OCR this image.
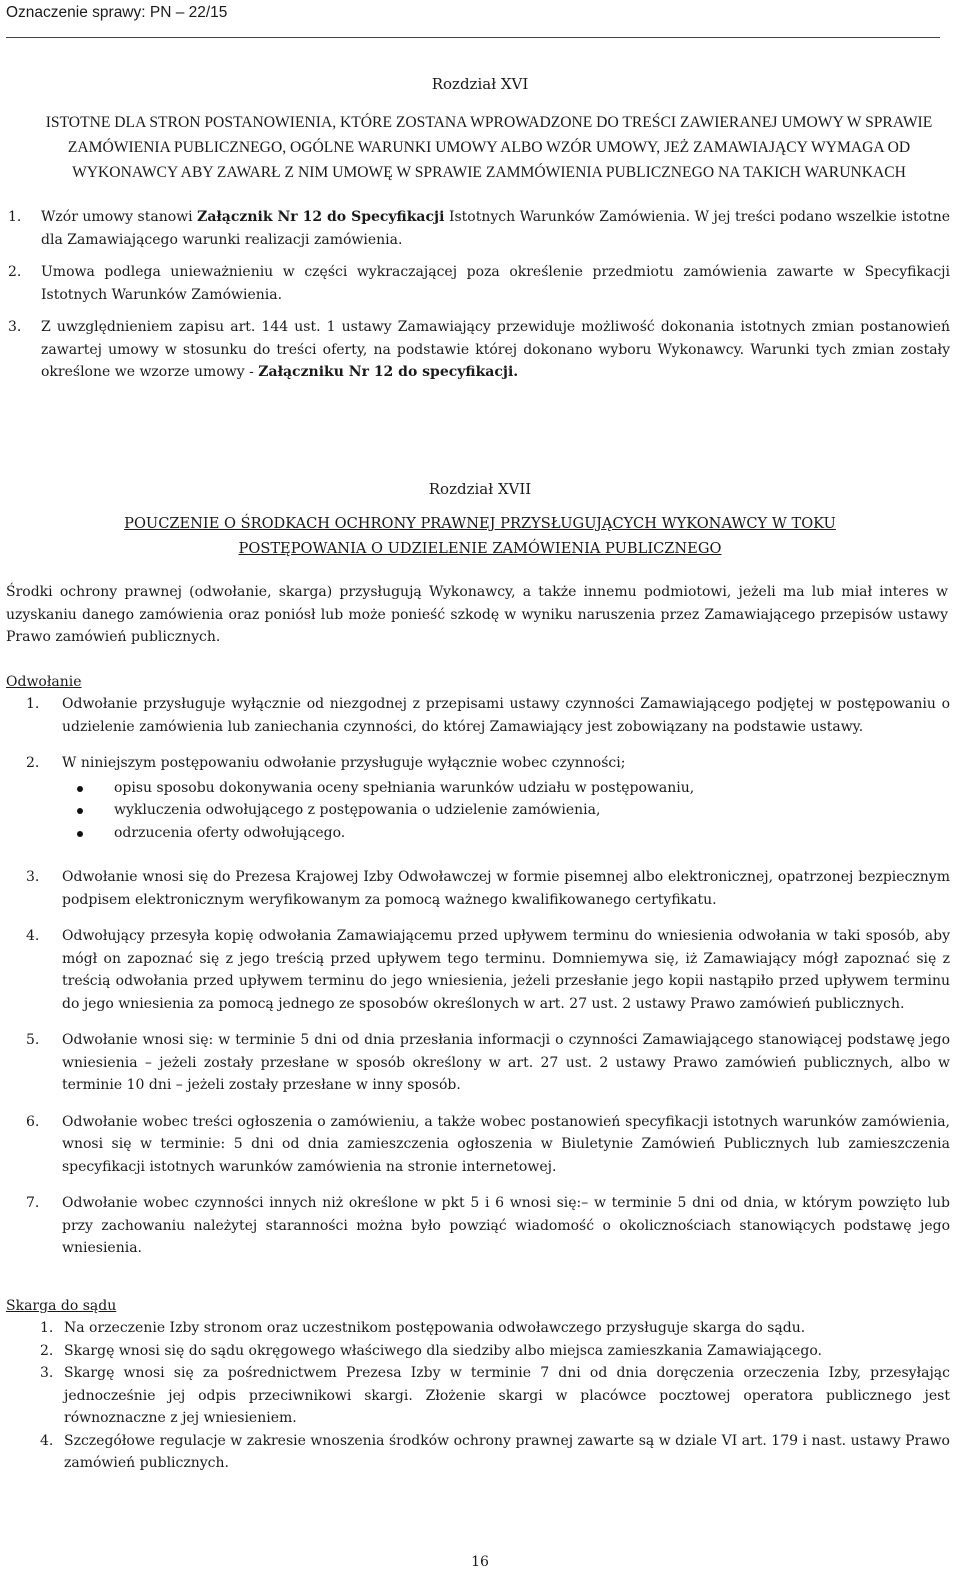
Oznaczenie sprawy: PN – 22/15
Rozdział XVI
ISTOTNE DLA STRON POSTANOWIENIA, KTÓRE ZOSTANA WPROWADZONE DO TREŚCI ZAWIERANEJ UMOWY W SPRAWIE ZAMÓWIENIA PUBLICZNEGO, OGÓLNE WARUNKI UMOWY ALBO WZÓR UMOWY, JEŻ ZAMAWIAJĄCY WYMAGA OD WYKONAWCY ABY ZAWARŁ Z NIM UMOWĘ W SPRAWIE ZAMMÓWIENIA PUBLICZNEGO NA TAKICH WARUNKACH
1. Wzór umowy stanowi Załącznik Nr 12 do Specyfikacji Istotnych Warunków Zamówienia. W jej treści podano wszelkie istotne dla Zamawiającego warunki realizacji zamówienia.
2. Umowa podlega unieważnieniu w części wykraczającej poza określenie przedmiotu zamówienia zawarte w Specyfikacji Istotnych Warunków Zamówienia.
3. Z uwzględnieniem zapisu art. 144 ust. 1 ustawy Zamawiający przewiduje możliwość dokonania istotnych zmian postanowień zawartej umowy w stosunku do treści oferty, na podstawie której dokonano wyboru Wykonawcy. Warunki tych zmian zostały określone we wzorze umowy - Załączniku Nr 12 do specyfikacji.
Rozdział XVII
POUCZENIE O ŚRODKACH OCHRONY PRAWNEJ PRZYSŁUGUJĄCYCH WYKONAWCY W TOKU
POSTĘPOWANIA O UDZIELENIE ZAMÓWIENIA PUBLICZNEGO
Środki ochrony prawnej (odwołanie, skarga) przysługują Wykonawcy, a także innemu podmiotowi, jeżeli ma lub miał interes w uzyskaniu danego zamówienia oraz poniósł lub może ponieść szkodę w wyniku naruszenia przez Zamawiającego przepisów ustawy Prawo zamówień publicznych.
Odwołanie
1. Odwołanie przysługuje wyłącznie od niezgodnej z przepisami ustawy czynności Zamawiającego podjętej w postępowaniu o udzielenie zamówienia lub zaniechania czynności, do której Zamawiający jest zobowiązany na podstawie ustawy.
2. W niniejszym postępowaniu odwołanie przysługuje wyłącznie wobec czynności;
opisu sposobu dokonywania oceny spełniania warunków udziału w postępowaniu,
wykluczenia odwołującego z postępowania o udzielenie zamówienia,
odrzucenia oferty odwołującego.
3. Odwołanie wnosi się do Prezesa Krajowej Izby Odwoławczej w formie pisemnej albo elektronicznej, opatrzonej bezpiecznym podpisem elektronicznym weryfikowanym za pomocą ważnego kwalifikowanego certyfikatu.
4. Odwołujący przesyła kopię odwołania Zamawiającemu przed upływem terminu do wniesienia odwołania w taki sposób, aby mógł on zapoznać się z jego treścią przed upływem tego terminu. Domniemywa się, iż Zamawiający mógł zapoznać się z treścią odwołania przed upływem terminu do jego wniesienia, jeżeli przesłanie jego kopii nastąpiło przed upływem terminu do jego wniesienia za pomocą jednego ze sposobów określonych w art. 27 ust. 2 ustawy Prawo zamówień publicznych.
5. Odwołanie wnosi się: w terminie 5 dni od dnia przesłania informacji o czynności Zamawiającego stanowiącej podstawę jego wniesienia – jeżeli zostały przesłane w sposób określony w art. 27 ust. 2 ustawy Prawo zamówień publicznych, albo w terminie 10 dni – jeżeli zostały przesłane w inny sposób.
6. Odwołanie wobec treści ogłoszenia o zamówieniu, a także wobec postanowień specyfikacji istotnych warunków zamówienia, wnosi się w terminie: 5 dni od dnia zamieszczenia ogłoszenia w Biuletynie Zamówień Publicznych lub zamieszczenia specyfikacji istotnych warunków zamówienia na stronie internetowej.
7. Odwołanie wobec czynności innych niż określone w pkt 5 i 6 wnosi się:– w terminie 5 dni od dnia, w którym powzięto lub przy zachowaniu należytej staranności można było powziąć wiadomość o okolicznościach stanowiących podstawę jego wniesienia.
Skarga do sądu
1. Na orzeczenie Izby stronom oraz uczestnikom postępowania odwoławczego przysługuje skarga do sądu.
2. Skargę wnosi się do sądu okręgowego właściwego dla siedziby albo miejsca zamieszkania Zamawiającego.
3. Skargę wnosi się za pośrednictwem Prezesa Izby w terminie 7 dni od dnia doręczenia orzeczenia Izby, przesyłając jednocześnie jej odpis przeciwnikowi skargi. Złożenie skargi w placówce pocztowej operatora publicznego jest równoznaczne z jej wniesieniem.
4. Szczegółowe regulacje w zakresie wnoszenia środków ochrony prawnej zawarte są w dziale VI art. 179 i nast. ustawy Prawo zamówień publicznych.
16
